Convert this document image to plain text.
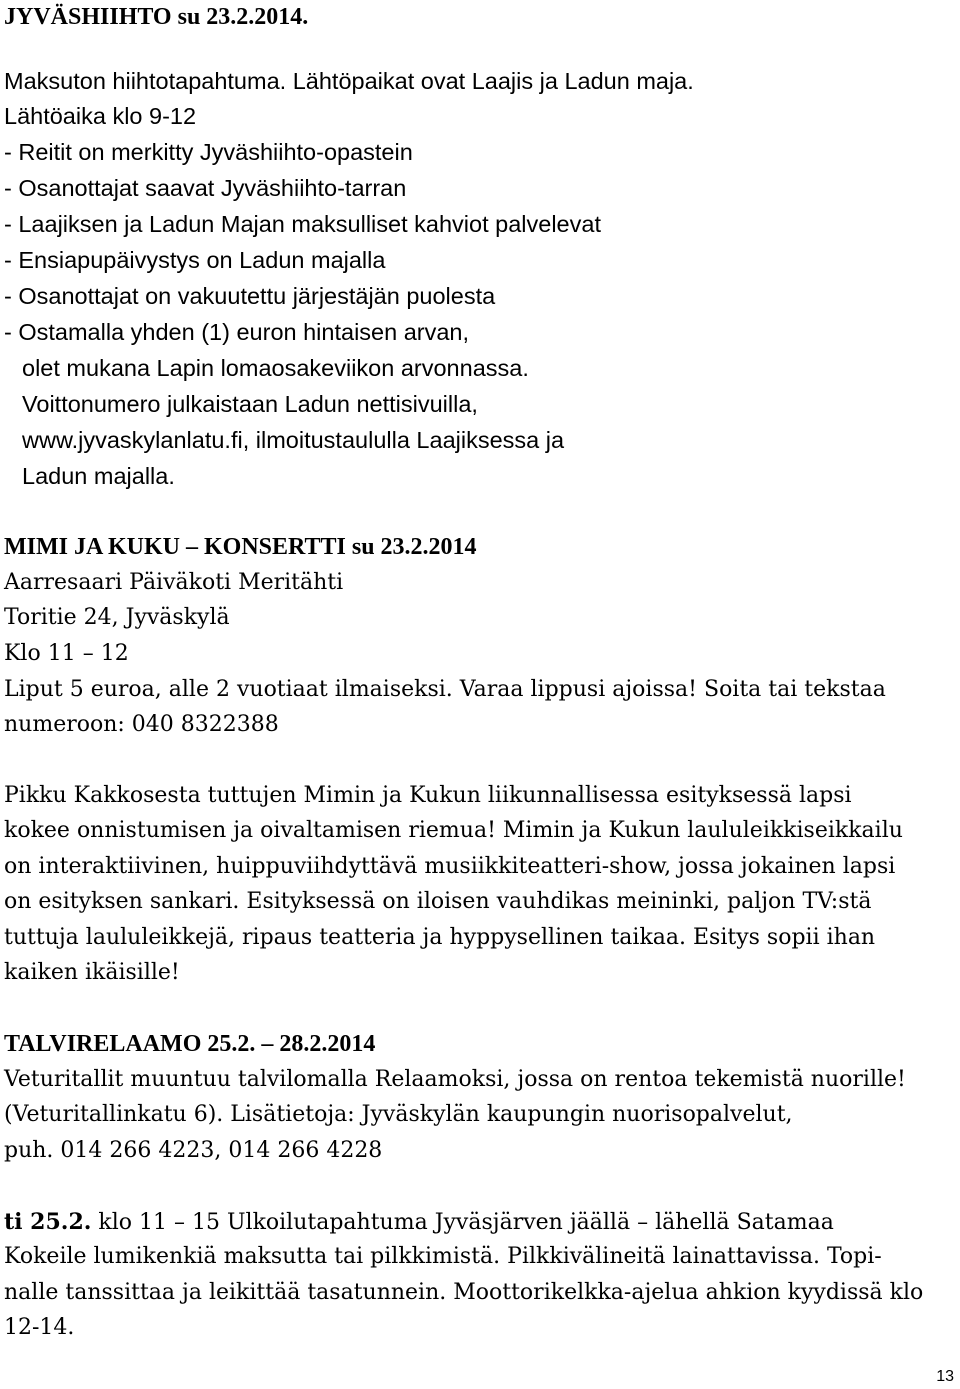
JYVÄSHIIHTO su 23.2.2014.
Maksuton hiihtotapahtuma. Lähtöpaikat ovat Laajis ja Ladun maja.
Lähtöaika klo 9-12
- Reitit on merkitty Jyväshiihto-opastein
- Osanottajat saavat Jyväshiihto-tarran
- Laajiksen ja Ladun Majan maksulliset kahviot palvelevat
- Ensiapupäivystys on Ladun majalla
- Osanottajat on vakuutettu järjestäjän puolesta
- Ostamalla yhden (1) euron hintaisen arvan,
olet mukana Lapin lomaosakeviikon arvonnassa.
Voittonumero julkaistaan Ladun nettisivuilla,
www.jyvaskylanlatu.fi, ilmoitustaululla Laajiksessa ja
Ladun majalla.
MIMI JA KUKU – KONSERTTI su 23.2.2014
Aarresaari Päiväkoti Meritähti
Toritie 24, Jyväskylä
Klo 11 – 12
Liput 5 euroa, alle 2 vuotiaat ilmaiseksi. Varaa lippusi ajoissa! Soita tai tekstaa
numeroon: 040 8322388
Pikku Kakkosesta tuttujen Mimin ja Kukun liikunnallisessa esityksessä lapsi
kokee onnistumisen ja oivaltamisen riemua! Mimin ja Kukun laululeikkiseikkailu
on interaktiivinen, huippuviihdyttävä musiikkiteatteri-show, jossa jokainen lapsi
on esityksen sankari. Esityksessä on iloisen vauhdikas meininki, paljon TV:stä
tuttuja laululeikkejä, ripaus teatteria ja hyppysellinen taikaa. Esitys sopii ihan
kaiken ikäisille!
TALVIRELAAMO 25.2. – 28.2.2014
Veturitallit muuntuu talvilomalla Relaamoksi, jossa on rentoa tekemistä nuorille!
(Veturitallinkatu 6). Lisätietoja: Jyväskylän kaupungin nuorisopalvelut,
puh. 014 266 4223, 014 266 4228
ti 25.2. klo 11 – 15 Ulkoilutapahtuma Jyväsjärven jäällä – lähellä Satamaa
Kokeile lumikenkiä maksutta tai pilkkimistä. Pilkkivälineitä lainattavissa. Topi-
nalle tanssittaa ja leikittää tasatunnein. Moottorikelkka-ajelua ahkion kyydissä klo
12-14.
13
